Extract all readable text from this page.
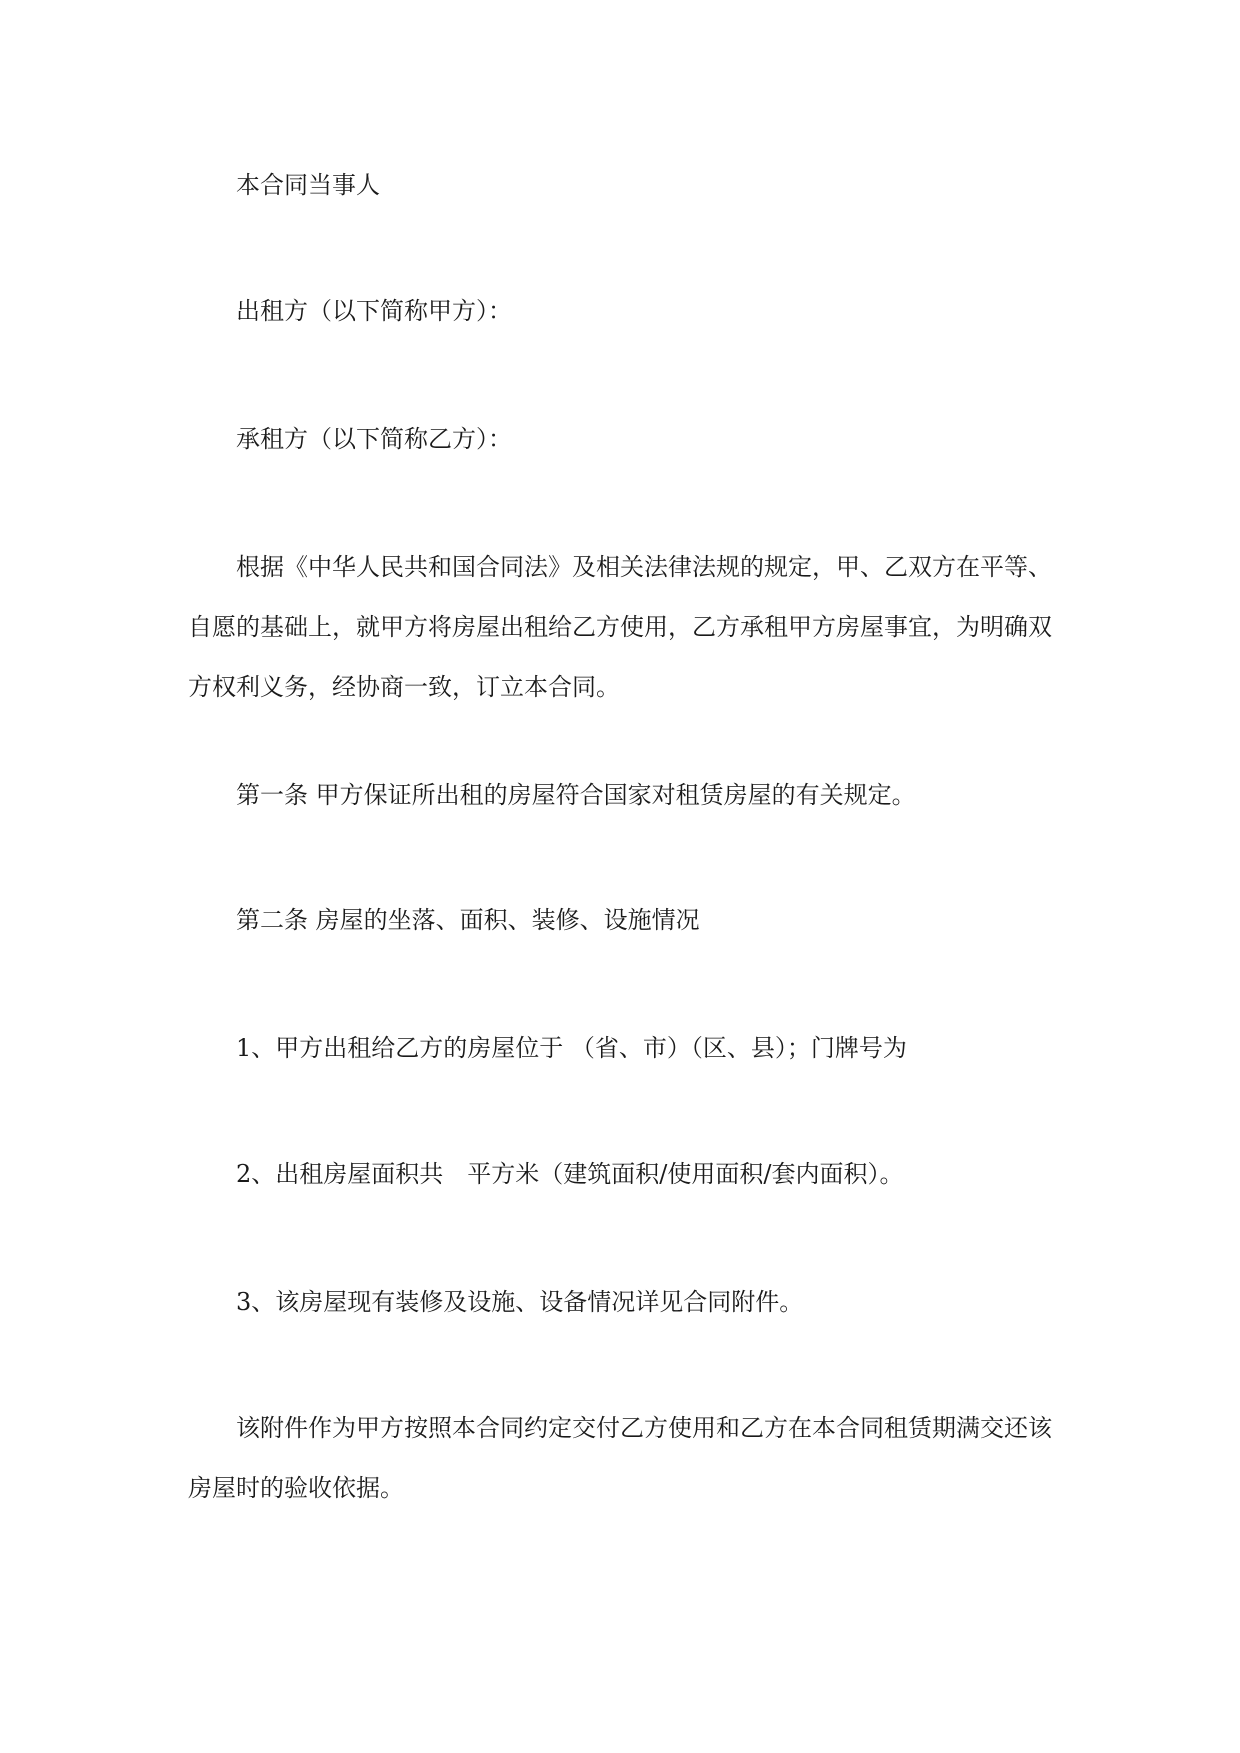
本合同当事人

出租方（以下简称甲方）：

承租方（以下简称乙方）：

根据《中华人民共和国合同法》及相关法律法规的规定，甲、乙双方在平等、自愿的基础上，就甲方将房屋出租给乙方使用，乙方承租甲方房屋事宜，为明确双方权利义务，经协商一致，订立本合同。

第一条 甲方保证所出租的房屋符合国家对租赁房屋的有关规定。

第二条 房屋的坐落、面积、装修、设施情况

1、甲方出租给乙方的房屋位于 （省、市）（区、县）；门牌号为

2、出租房屋面积共　平方米（建筑面积/使用面积/套内面积）。

3、该房屋现有装修及设施、设备情况详见合同附件。

该附件作为甲方按照本合同约定交付乙方使用和乙方在本合同租赁期满交还该房屋时的验收依据。
